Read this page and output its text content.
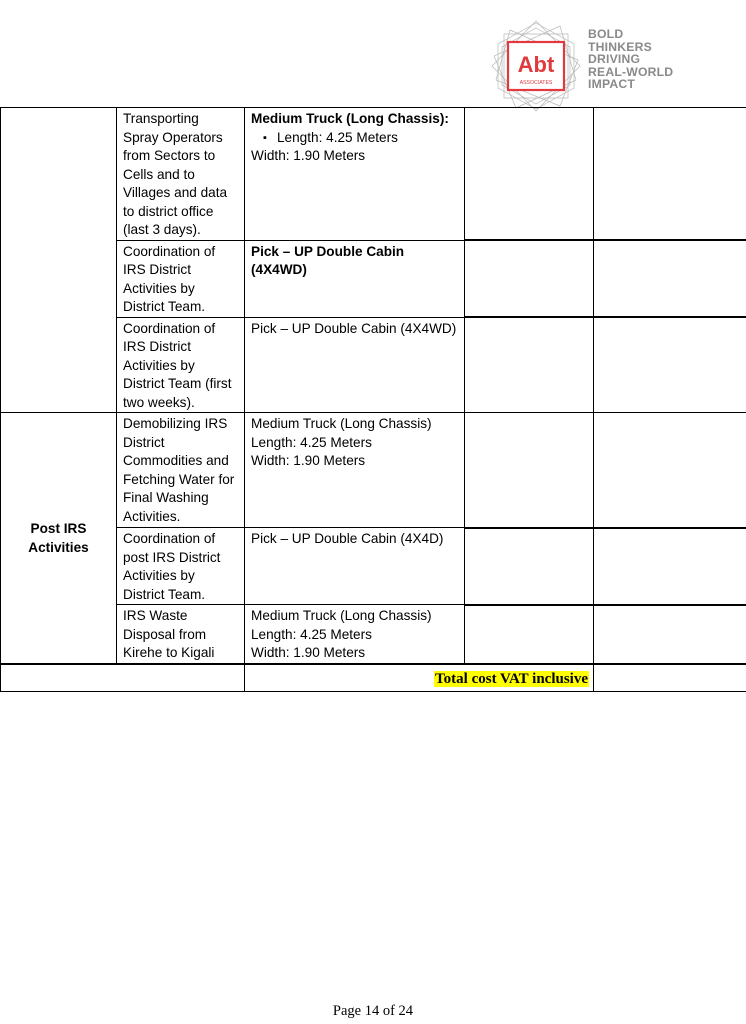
Abt
ASSOCIATES
BOLD
THINKERS
DRIVING
REAL-WORLD
IMPACT
	Transporting Spray Operators from Sectors to Cells and to Villages and data to district office (last 3 days).	Medium Truck (Long Chassis):
▪ Length: 4.25 Meters
Width: 1.90 Meters

	Coordination of IRS District Activities by District Team.	Pick – UP Double Cabin (4X4WD)		

	Coordination of IRS District Activities by District Team (first two weeks).	Pick – UP Double Cabin (4X4WD)		
Post IRS Activities	Demobilizing IRS District Commodities and Fetching Water for Final Washing Activities.	Medium Truck (Long Chassis)
Length: 4.25 Meters
Width: 1.90 Meters		

	Coordination of post IRS District Activities by District Team.	Pick – UP Double Cabin (4X4D)		
	IRS Waste Disposal from Kirehe to Kigali	Medium Truck (Long Chassis)
Length: 4.25 Meters
Width: 1.90 Meters		

		Total cost VAT inclusive		
Page 14 of 24
